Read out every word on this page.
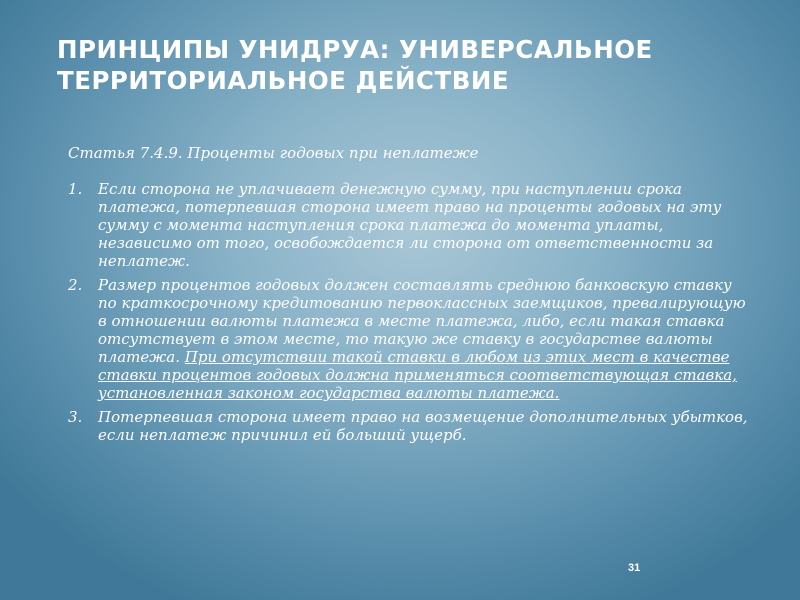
ПРИНЦИПЫ УНИДРУА: УНИВЕРСАЛЬНОЕ
ТЕРРИТОРИАЛЬНОЕ ДЕЙСТВИЕ

Статья 7.4.9. Проценты годовых при неплатеже

1. Если сторона не уплачивает денежную сумму, при наступлении срока платежа, потерпевшая сторона имеет право на проценты годовых на эту сумму с момента наступления срока платежа до момента уплаты, независимо от того, освобождается ли сторона от ответственности за неплатеж.
2. Размер процентов годовых должен составлять среднюю банковскую ставку по краткосрочному кредитованию первоклассных заемщиков, превалирующую в отношении валюты платежа в месте платежа, либо, если такая ставка отсутствует в этом месте, то такую же ставку в государстве валюты платежа. При отсутствии такой ставки в любом из этих мест в качестве ставки процентов годовых должна применяться соответствующая ставка, установленная законом государства валюты платежа.
3. Потерпевшая сторона имеет право на возмещение дополнительных убытков, если неплатеж причинил ей больший ущерб.
31
